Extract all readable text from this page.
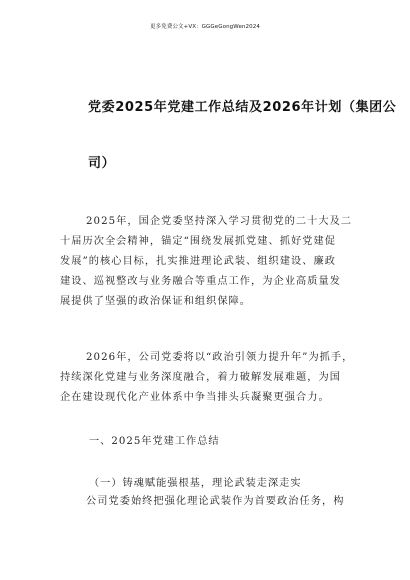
更多免费公文+VX：GGGeGongWen2024
党委2025年党建工作总结及2026年计划（集团公
司）
2025年，国企党委坚持深入学习贯彻党的二十大及二
十届历次全会精神，锚定“围绕发展抓党建、抓好党建促
发展”的核心目标，扎实推进理论武装、组织建设、廉政
建设、巡视整改与业务融合等重点工作，为企业高质量发
展提供了坚强的政治保证和组织保障。
2026年，公司党委将以“政治引领力提升年”为抓手，
持续深化党建与业务深度融合，着力破解发展难题，为国
企在建设现代化产业体系中争当排头兵凝聚更强合力。
一、2025年党建工作总结
（一）铸魂赋能强根基，理论武装走深走实
公司党委始终把强化理论武装作为首要政治任务，构
